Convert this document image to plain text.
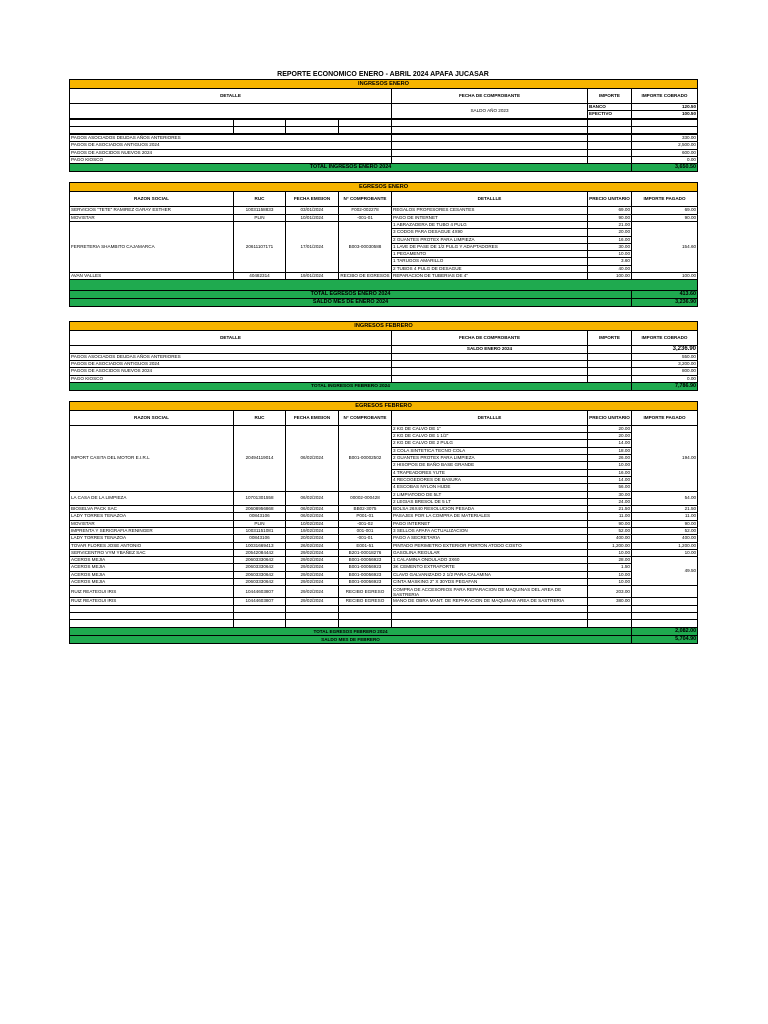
REPORTE ECONOMICO ENERO - ABRIL 2024 APAFA JUCASAR
INGRESOS ENERO			
DETALLE	FECHA DE COMPROBANTE	IMPORTE	IMPORTE COBRADO
	SALDO AÑO 2023	BANCO	120.50
		EFECTIVO	100.50

PAGOS ASOCIADOS DEUDAS AÑOS ANTERIORES			330.00
PAGOS DE ASOCIADOS ANTIGUOS 2024			2,500.00
PAGOS DE ASOCIDOS NUEVOS 2024			600.00
PAGO KIOSCO			0.00
TOTAL INGRESOS ENERO 2024			3,650.50
EGRESOS ENERO						
RAZON SOCIAL	RUC	FECHA EMISION	N° COMPROBANTE	DETALLLE	PRECIO UNITARIO	IMPORTE PAGADO
SERVICIOS "TETE" RAMIREZ GARAY ESTHER	10031158833	03/01/2024	F002-002278	REGALOS PROFESORES CESANTES	69.00	69.00
MOVISTAR	PLIN	10/01/2024	-001-01	PAGO DE INTERNET	90.00	90.00
FERRETERIA SHAMBITO CAJAMARCA	20611107171	17/01/2024	B003-00030588	1 ABRAZADERA DE TUBO 4 PULG	21.00	154.60
				3 CODOS PARA DESAGUE 4X90	20.00	
				2 GUANTES PROTEX PARA LIMPIEZA	16.00	
				1 LAVE DE PASE DE 1/2 PULG Y ADAPTADORES	30.00	
				1 PEGAMENTO	10.00	
				1 TARUGOS AMARILLO	3.60	
				2 TUBOS 4 PULG DE DESAGUE	40.00	
AVAN VALLES	40482314	19/01/2024	RECIBO DE EGRESOS	REPARACION DE TUBERIAS DE 4"	100.00	100.00

TOTAL EGRESOS ENERO 2024						413.60
SALDO MES DE ENERO 2024						3,236.90
INGRESOS FEBRERO			
DETALLE	FECHA DE COMPROBANTE	IMPORTE	IMPORTE COBRADO
	SALDO ENERO 2024		3,236.90
PAGOS ASOCIADOS DEUDAS AÑOS ANTERIORES			550.00
PAGOS DE ASOCIADOS ANTIGUOS 2024			3,200.00
PAGOS DE ASOCIDOS NUEVOS 2024			800.00
PAGO KIOSCO			0.00
TOTAL INGRESOS FEBRERO 2024			7,786.90
EGRESOS FEBRERO						
RAZON SOCIAL	RUC	FECHA EMISION	N° COMPROBANTE	DETALLLE	PRECIO UNITARIO	IMPORTE PAGADO
IMPORT CASITA DEL MOTOR E.I.R.L	20494119014	06/02/2024	B001-00002502	2 KG DE CALVO DE 1"	20.00	194.00
				2 KG DE CALVO DE 1 1/2"	20.00	
				2 KG DE CALVO DE 2 PULG	14.00	
				3 COLA SINTETICA TECNO COLA	18.00	
				2 GUANTES PROTEX PARA LIMPIEZA	26.00	
				2 HISOPOS DE BAÑO BASE GRANDE	10.00	
				4 TRAPEADORES YUTE	16.00	
				4 RECOGEDORES DE BASURA	14.00	
				4 ESCOBAS NYLON HUDE	56.00	
LA CASA DE LA LIMPIEZA	10701301558	06/02/2024	00002-000428	2 LIMPIATODO DE 5LT	30.00	54.00
				2 LEGIAS BRESOL DE 5 LT	24.00	
BIOSELVA PACK SAC	20608956868	06/02/2024	BB02-3075	BOLSA 26X40 RESOLUCION PESADA	21.50	21.50
LADY TORRES TENAZOA	00843106	06/02/2024	P001-01	PASAJES POR LA COMPRA DE MATERIALES	11.00	11.00
MOVISTAR	PLIN	10/02/2024	-001-02	PAGO INTERNET	90.00	90.00
IMPRENTA Y SERIGRAFIA RENINGER	10031151081	19/02/2024	001-001	3 SELLOS APAFA ACTUALIZACION	52.00	52.00
LADY TORRES TENAZOA	00843106	20/02/2024	-001-01	PAGO A SECRETARIA	400.00	400.00
TOVAR FLORES JOSE ANTONIO	10031669413	26/02/2024	E001-51	PINTADO PERIMETRO EXTERIOR PORTON ATODO COSTO	1,200.00	1,200.00
SERVICENTRO VYM YBAÑEZ SAC	20542084442	29/02/2024	B201-00018276	GASOLINA REGULAR	10.00	10.00
ACEROS MEJIA	20603330642	29/02/2024	B001-00056923	1 CALAMINA ONDULADO 3X60	28.00	49.50
ACEROS MEJIA	20603330642	29/02/2024	B001-00056923	3K CEMENTO EXTRAFORTE	1.50	
ACEROS MEJIA	20603330642	29/02/2024	B001-00056923	CLAVO GALVANIZADO 2 1/2 PARA CALAMINA	10.00	
ACEROS MEJIA	20603330642	29/02/2024	B001-00056923	CINTA MASKING 2" X 30YDS PEGAFAN	10.00	
RUIZ REATEGUI IRIS	10444603807	29/02/2024	RECIBO EGRESO	COMPRA DE ACCESORIOS PARA REPARACION DE MAQUINAS DEL AREA DE SASTRERIA	203.00	
RUIZ REATEGUI IRIS	10444603807	29/02/2024	RECIBO EGRESO	MANO DE OBRA MANT. DE REPARACION DE MAQUINAS AREA DE SASTRERIA	380.00	

TOTAL EGRESOS FEBRERO 2024						2,082.00
SALDO MES DE FEBRERO						5,704.90
